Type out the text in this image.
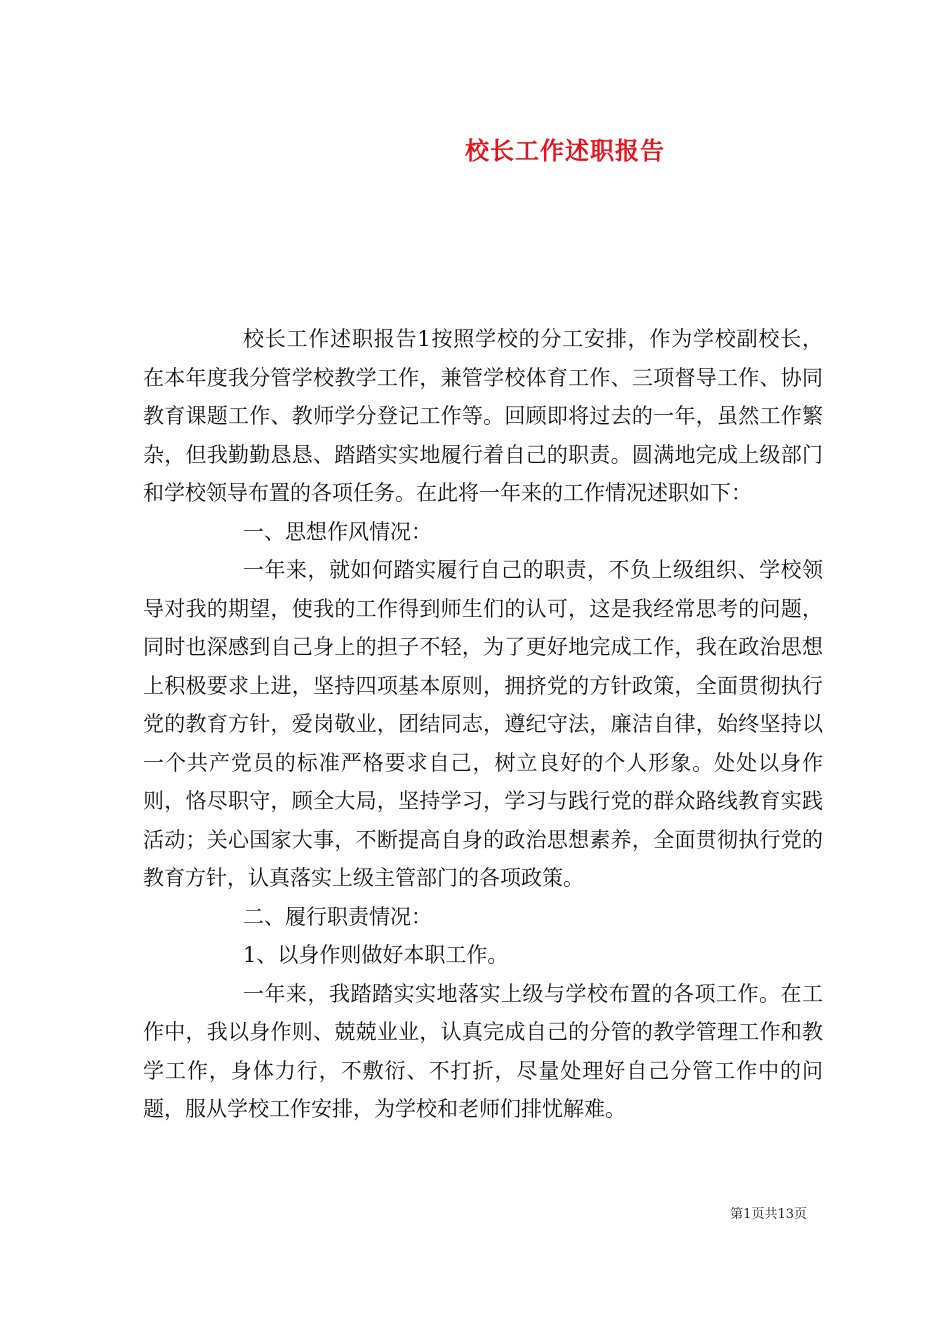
校长工作述职报告

校长工作述职报告1按照学校的分工安排，作为学校副校长，在本年度我分管学校教学工作，兼管学校体育工作、三项督导工作、协同教育课题工作、教师学分登记工作等。回顾即将过去的一年，虽然工作繁杂，但我勤勤恳恳、踏踏实实地履行着自己的职责。圆满地完成上级部门和学校领导布置的各项任务。在此将一年来的工作情况述职如下：

一、思想作风情况：

一年来，就如何踏实履行自己的职责，不负上级组织、学校领导对我的期望，使我的工作得到师生们的认可，这是我经常思考的问题，同时也深感到自己身上的担子不轻，为了更好地完成工作，我在政治思想上积极要求上进，坚持四项基本原则，拥挤党的方针政策，全面贯彻执行党的教育方针，爱岗敬业，团结同志，遵纪守法，廉洁自律，始终坚持以一个共产党员的标准严格要求自己，树立良好的个人形象。处处以身作则，恪尽职守，顾全大局，坚持学习，学习与践行党的群众路线教育实践活动；关心国家大事，不断提高自身的政治思想素养，全面贯彻执行党的教育方针，认真落实上级主管部门的各项政策。

二、履行职责情况：

1、以身作则做好本职工作。

一年来，我踏踏实实地落实上级与学校布置的各项工作。在工作中，我以身作则、兢兢业业，认真完成自己的分管的教学管理工作和教学工作，身体力行，不敷衍、不打折，尽量处理好自己分管工作中的问题，服从学校工作安排，为学校和老师们排忧解难。

第1页共13页
